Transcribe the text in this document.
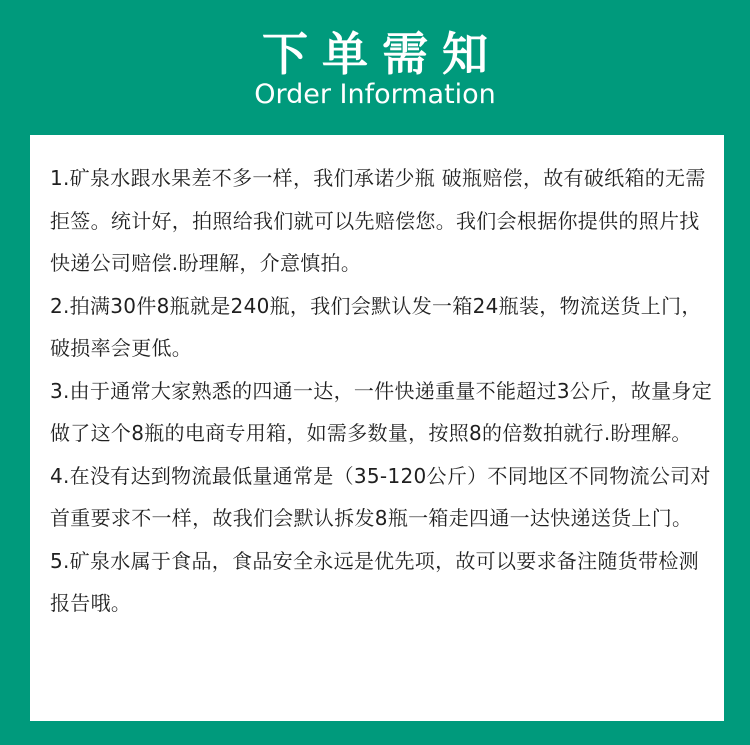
下单需知
Order Information

1.矿泉水跟水果差不多一样，我们承诺少瓶 破瓶赔偿，故有破纸箱的无需拒签。统计好，拍照给我们就可以先赔偿您。我们会根据你提供的照片找快递公司赔偿.盼理解，介意慎拍。

2.拍满30件8瓶就是240瓶，我们会默认发一箱24瓶装，物流送货上门，破损率会更低。

3.由于通常大家熟悉的四通一达，一件快递重量不能超过3公斤，故量身定做了这个8瓶的电商专用箱，如需多数量，按照8的倍数拍就行.盼理解。

4.在没有达到物流最低量通常是（35-120公斤）不同地区不同物流公司对首重要求不一样，故我们会默认拆发8瓶一箱走四通一达快递送货上门。

5.矿泉水属于食品，食品安全永远是优先项，故可以要求备注随货带检测报告哦。
